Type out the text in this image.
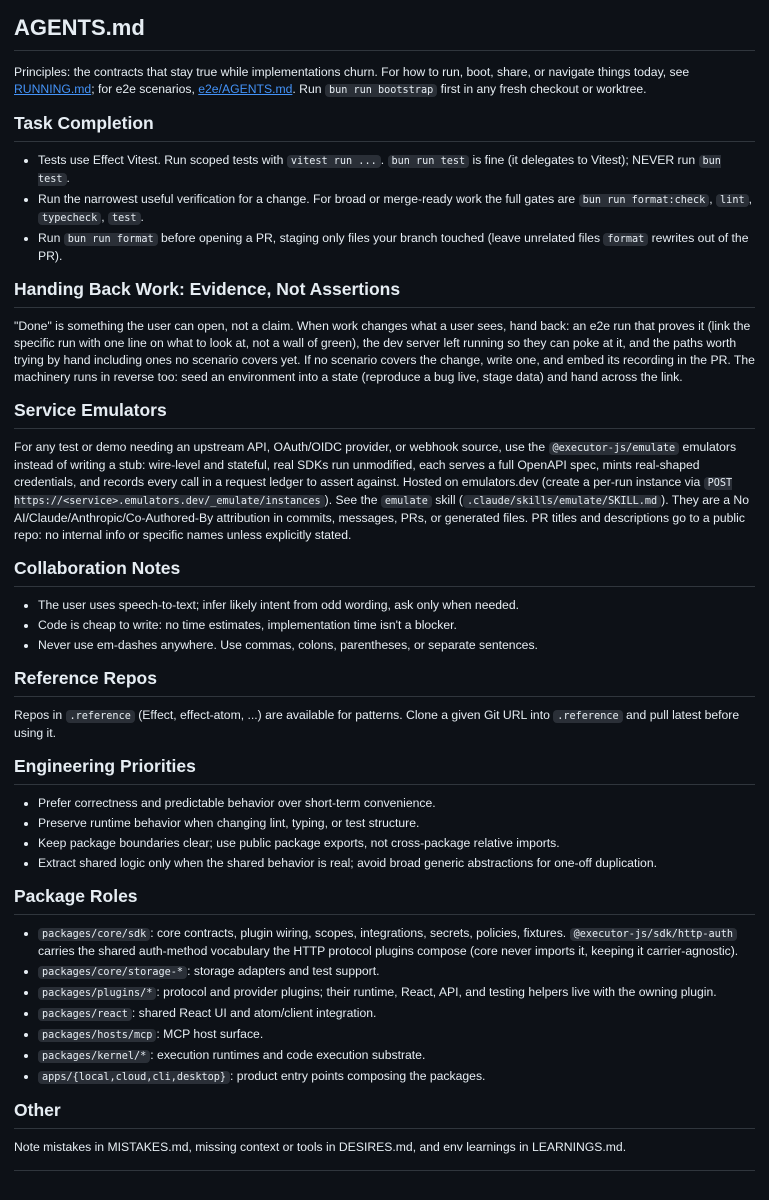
AGENTS.md

Principles: the contracts that stay true while implementations churn. For how to run, boot, share, or navigate things today, see RUNNING.md; for e2e scenarios, e2e/AGENTS.md. Run bun run bootstrap first in any fresh checkout or worktree.

Task Completion
• Tests use Effect Vitest. Run scoped tests with vitest run ... . bun run test is fine (it delegates to Vitest); NEVER run bun test .
• Run the narrowest useful verification for a change. For broad or merge-ready work the full gates are bun run format:check , lint , typecheck , test .
• Run bun run format before opening a PR, staging only files your branch touched (leave unrelated files format rewrites out of the PR).
Handing Back Work: Evidence, Not Assertions

"Done" is something the user can open, not a claim. When work changes what a user sees, hand back: an e2e run that proves it (link the specific run with one line on what to look at, not a wall of green), the dev server left running so they can poke at it, and the paths worth trying by hand including ones no scenario covers yet. If no scenario covers the change, write one, and embed its recording in the PR. The machinery runs in reverse too: seed an environment into a state (reproduce a bug live, stage data) and hand across the link.

Service Emulators

For any test or demo needing an upstream API, OAuth/OIDC provider, or webhook source, use the @executor-js/emulate emulators instead of writing a stub: wire-level and stateful, real SDKs run unmodified, each serves a full OpenAPI spec, mints real-shaped credentials, and records every call in a request ledger to assert against. Hosted on emulators.dev (create a per-run instance via POST https://<service>.emulators.dev/_emulate/instances ). See the emulate skill ( .claude/skills/emulate/SKILL.md ). They are a No AI/Claude/Anthropic/Co-Authored-By attribution in commits, messages, PRs, or generated files. PR titles and descriptions go to a public repo: no internal info or specific names unless explicitly stated.

Collaboration Notes
• The user uses speech-to-text; infer likely intent from odd wording, ask only when needed.
• Code is cheap to write: no time estimates, implementation time isn't a blocker.
• Never use em-dashes anywhere. Use commas, colons, parentheses, or separate sentences.
Reference Repos

Repos in .reference (Effect, effect-atom, ...) are available for patterns. Clone a given Git URL into .reference and pull latest before using it.

Engineering Priorities
• Prefer correctness and predictable behavior over short-term convenience.
• Preserve runtime behavior when changing lint, typing, or test structure.
• Keep package boundaries clear; use public package exports, not cross-package relative imports.
• Extract shared logic only when the shared behavior is real; avoid broad generic abstractions for one-off duplication.
Package Roles
• packages/core/sdk : core contracts, plugin wiring, scopes, integrations, secrets, policies, fixtures. @executor-js/sdk/http-auth carries the shared auth-method vocabulary the HTTP protocol plugins compose (core never imports it, keeping it carrier-agnostic).
• packages/core/storage-* : storage adapters and test support.
• packages/plugins/* : protocol and provider plugins; their runtime, React, API, and testing helpers live with the owning plugin.
• packages/react : shared React UI and atom/client integration.
• packages/hosts/mcp : MCP host surface.
• packages/kernel/* : execution runtimes and code execution substrate.
• apps/{local,cloud,cli,desktop} : product entry points composing the packages.
Other

Note mistakes in MISTAKES.md, missing context or tools in DESIRES.md, and env learnings in LEARNINGS.md.
